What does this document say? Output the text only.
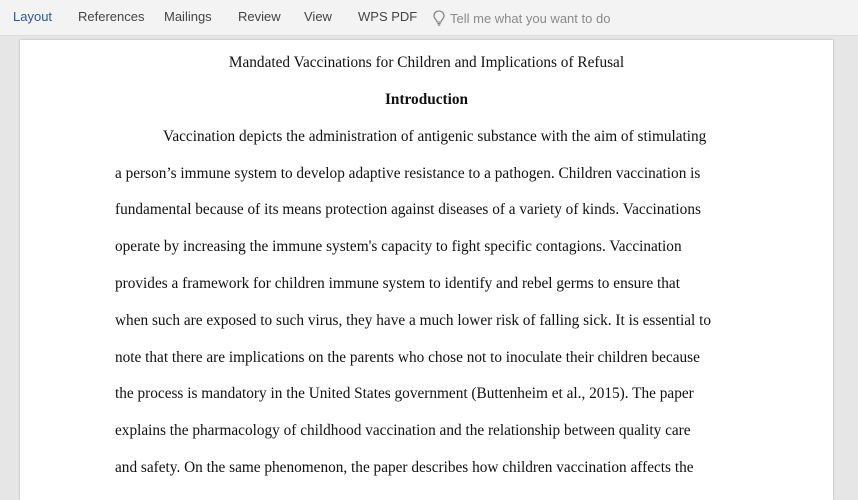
Layout References Mailings Review View WPS PDF	Tell me what you want to do
Mandated Vaccinations for Children and Implications of Refusal
Introduction
Vaccination depicts the administration of antigenic substance with the aim of stimulating
a person’s immune system to develop adaptive resistance to a pathogen. Children vaccination is
fundamental because of its means protection against diseases of a variety of kinds. Vaccinations
operate by increasing the immune system's capacity to fight specific contagions. Vaccination
provides a framework for children immune system to identify and rebel germs to ensure that
when such are exposed to such virus, they have a much lower risk of falling sick. It is essential to
note that there are implications on the parents who chose not to inoculate their children because
the process is mandatory in the United States government (Buttenheim et al., 2015). The paper
explains the pharmacology of childhood vaccination and the relationship between quality care
and safety. On the same phenomenon, the paper describes how children vaccination affects the
